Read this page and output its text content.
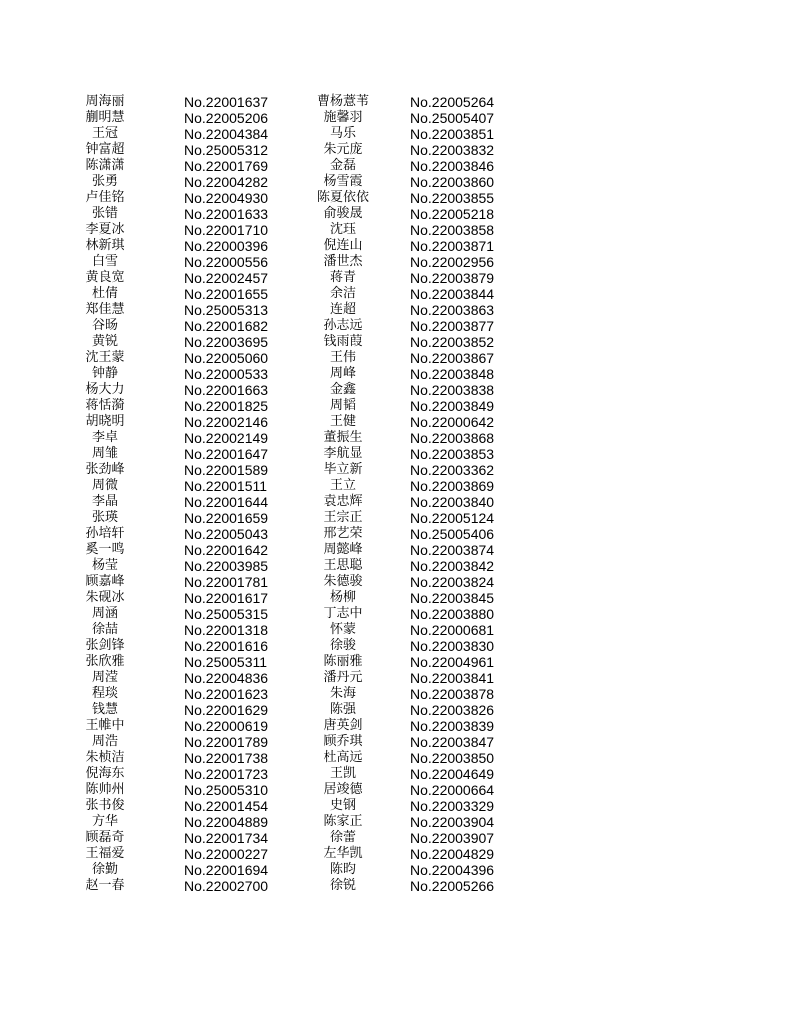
周海丽	No.22001637	曹杨薏苇	No.22005264
蒯明慧	No.22005206	施馨羽	No.25005407
王冠	No.22004384	马乐	No.22003851
钟富超	No.25005312	朱元庞	No.22003832
陈潇潇	No.22001769	金磊	No.22003846
张勇	No.22004282	杨雪霞	No.22003860
卢佳铭	No.22004930	陈夏依依	No.22003855
张错	No.22001633	俞骏晟	No.22005218
李夏冰	No.22001710	沈珏	No.22003858
林新琪	No.22000396	倪连山	No.22003871
白雪	No.22000556	潘世杰	No.22002956
黄良宽	No.22002457	蒋青	No.22003879
杜倩	No.22001655	余洁	No.22003844
郑佳慧	No.25005313	连超	No.22003863
谷旸	No.22001682	孙志远	No.22003877
黄锐	No.22003695	钱雨葭	No.22003852
沈王蒙	No.22005060	王伟	No.22003867
钟静	No.22000533	周峰	No.22003848
杨大力	No.22001663	金鑫	No.22003838
蒋恬漪	No.22001825	周韬	No.22003849
胡晓明	No.22002146	王健	No.22000642
李卓	No.22002149	董振生	No.22003868
周雏	No.22001647	李航显	No.22003853
张劲峰	No.22001589	毕立新	No.22003362
周微	No.22001511	王立	No.22003869
李晶	No.22001644	袁忠辉	No.22003840
张瑛	No.22001659	王宗正	No.22005124
孙培轩	No.22005043	邢艺荣	No.25005406
奚一鸣	No.22001642	周懿峰	No.22003874
杨莹	No.22003985	王思聪	No.22003842
顾嘉峰	No.22001781	朱德骏	No.22003824
朱砚冰	No.22001617	杨柳	No.22003845
周涵	No.25005315	丁志中	No.22003880
徐喆	No.22001318	怀蒙	No.22000681
张剑锋	No.22001616	徐骏	No.22003830
张欣雅	No.25005311	陈丽雅	No.22004961
周滢	No.22004836	潘丹元	No.22003841
程琰	No.22001623	朱海	No.22003878
钱慧	No.22001629	陈强	No.22003826
王帷中	No.22000619	唐英剑	No.22003839
周浩	No.22001789	顾乔琪	No.22003847
朱桢洁	No.22001738	杜高远	No.22003850
倪海东	No.22001723	王凯	No.22004649
陈帅州	No.25005310	居竣德	No.22000664
张书俊	No.22001454	史钢	No.22003329
方华	No.22004889	陈家正	No.22003904
顾磊奇	No.22001734	徐蕾	No.22003907
王福爱	No.22000227	左华凯	No.22004829
徐勤	No.22001694	陈昀	No.22004396
赵一春	No.22002700	徐锐	No.22005266
